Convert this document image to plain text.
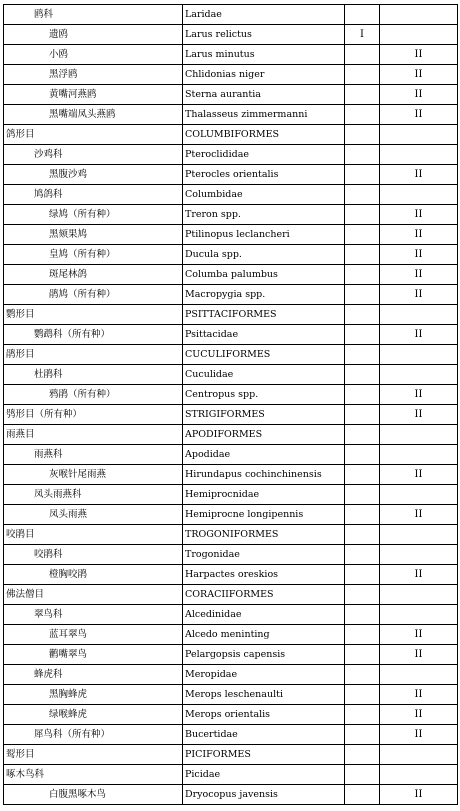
鸥科	Laridae		
遗鸥	Larus relictus	I	
小鸥	Larus minutus		II
黑浮鸥	Chlidonias niger		II
黄嘴河燕鸥	Sterna aurantia		II
黑嘴端凤头燕鸥	Thalasseus zimmermanni		II
鸽形目	COLUMBIFORMES		
沙鸡科	Pteroclididae		
黑腹沙鸡	Pterocles orientalis		II
鸠鸽科	Columbidae		
绿鸠（所有种）	Treron spp.		II
黑颏果鸠	Ptilinopus leclancheri		II
皇鸠（所有种）	Ducula spp.		II
斑尾林鸽	Columba palumbus		II
鹃鸠（所有种）	Macropygia spp.		II
鹦形目	PSITTACIFORMES		
鹦鹉科（所有种）	Psittacidae		II
鹃形目	CUCULIFORMES		
杜鹃科	Cuculidae		
鸦鹃（所有种）	Centropus spp.		II
鸮形目（所有种）	STRIGIFORMES		II
雨燕目	APODIFORMES		
雨燕科	Apodidae		
灰喉针尾雨燕	Hirundapus cochinchinensis		II
凤头雨燕科	Hemiprocnidae		
凤头雨燕	Hemiprocne longipennis		II
咬鹃目	TROGONIFORMES		
咬鹃科	Trogonidae		
橙胸咬鹃	Harpactes oreskios		II
佛法僧目	CORACIIFORMES		
翠鸟科	Alcedinidae		
蓝耳翠鸟	Alcedo meninting		II
鹳嘴翠鸟	Pelargopsis capensis		II
蜂虎科	Meropidae		
黑胸蜂虎	Merops leschenaulti		II
绿喉蜂虎	Merops orientalis		II
犀鸟科（所有种）	Bucertidae		II
䴕形目	PICIFORMES		
啄木鸟科	Picidae		
白腹黑啄木鸟	Dryocopus javensis		II
